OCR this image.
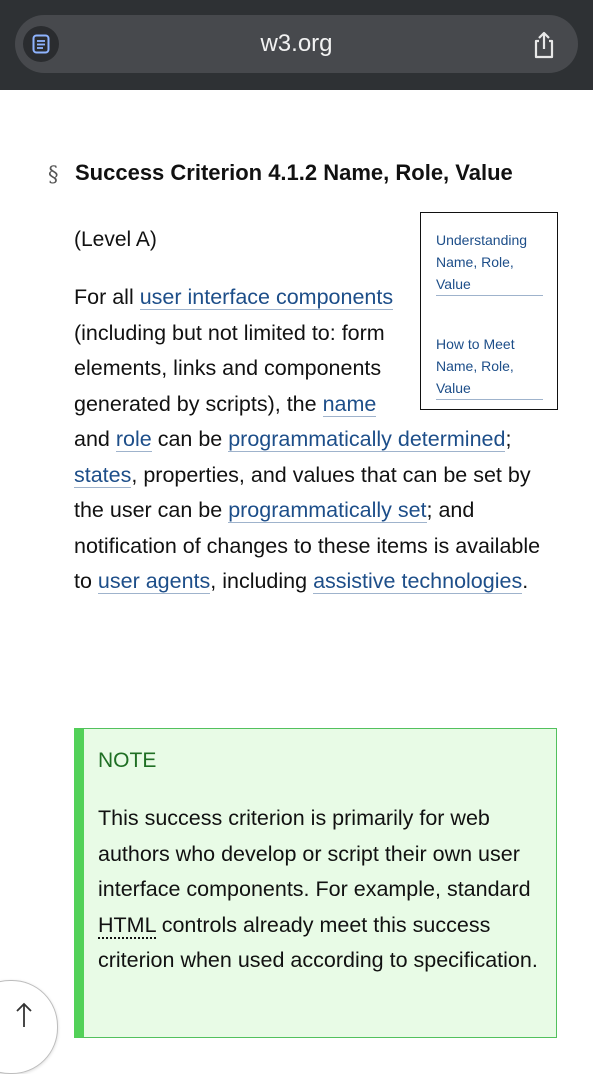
w3.org
§ Success Criterion 4.1.2 Name, Role, Value
(Level A)	Understanding Name, Role, Value
How to Meet Name, Role, Value
For all user interface components (including but not limited to: form elements, links and components generated by scripts), the name and role can be programmatically determined; states, properties, and values that can be set by the user can be programmatically set; and notification of changes to these items is available to user agents, including assistive technologies.
NOTE
This success criterion is primarily for web authors who develop or script their own user interface components. For example, standard HTML controls already meet this success criterion when used according to specification.
